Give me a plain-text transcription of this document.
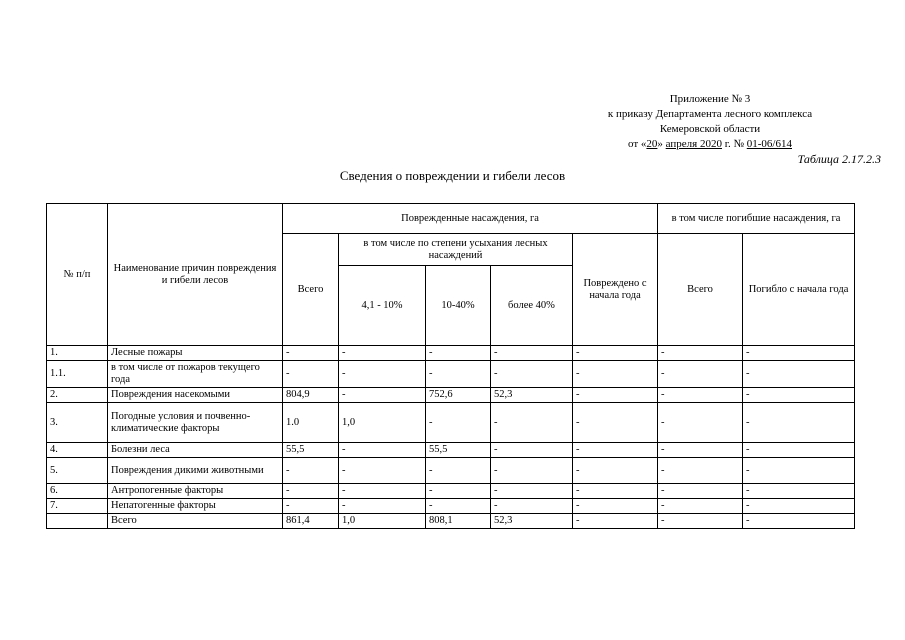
Приложение № 3
к приказу Департамента лесного комплекса
Кемеровской области
от «20» апреля 2020 г. № 01-06/614
Таблица 2.17.2.3
Сведения о повреждении и гибели лесов
№ п/п	Наименование причин повреждения и гибели лесов	Поврежденные насаждения, га					в том числе погибшие насаждения, га	
		Всего	в том числе по степени усыхания лесных насаждений			Повреждено с начала года	Всего	Погибло с начала года
			4,1 - 10%	10-40%	более 40%			
1.	Лесные пожары	-	-	-	-	-	-	-
1.1.	в том числе от пожаров текущего года	-	-	-	-	-	-	-
2.	Повреждения насекомыми	804,9	-	752,6	52,3	-	-	-
3.	Погодные условия и почвенно-климатические факторы	1.0	1,0	-	-	-	-	-
4.	Болезни леса	55,5	-	55,5	-	-	-	-
5.	Повреждения дикими животными	-	-	-	-	-	-	-
6.	Антропогенные факторы	-	-	-	-	-	-	-
7.	Непатогенные факторы	-	-	-	-	-	-	-
	Всего	861,4	1,0	808,1	52,3	-	-	-
